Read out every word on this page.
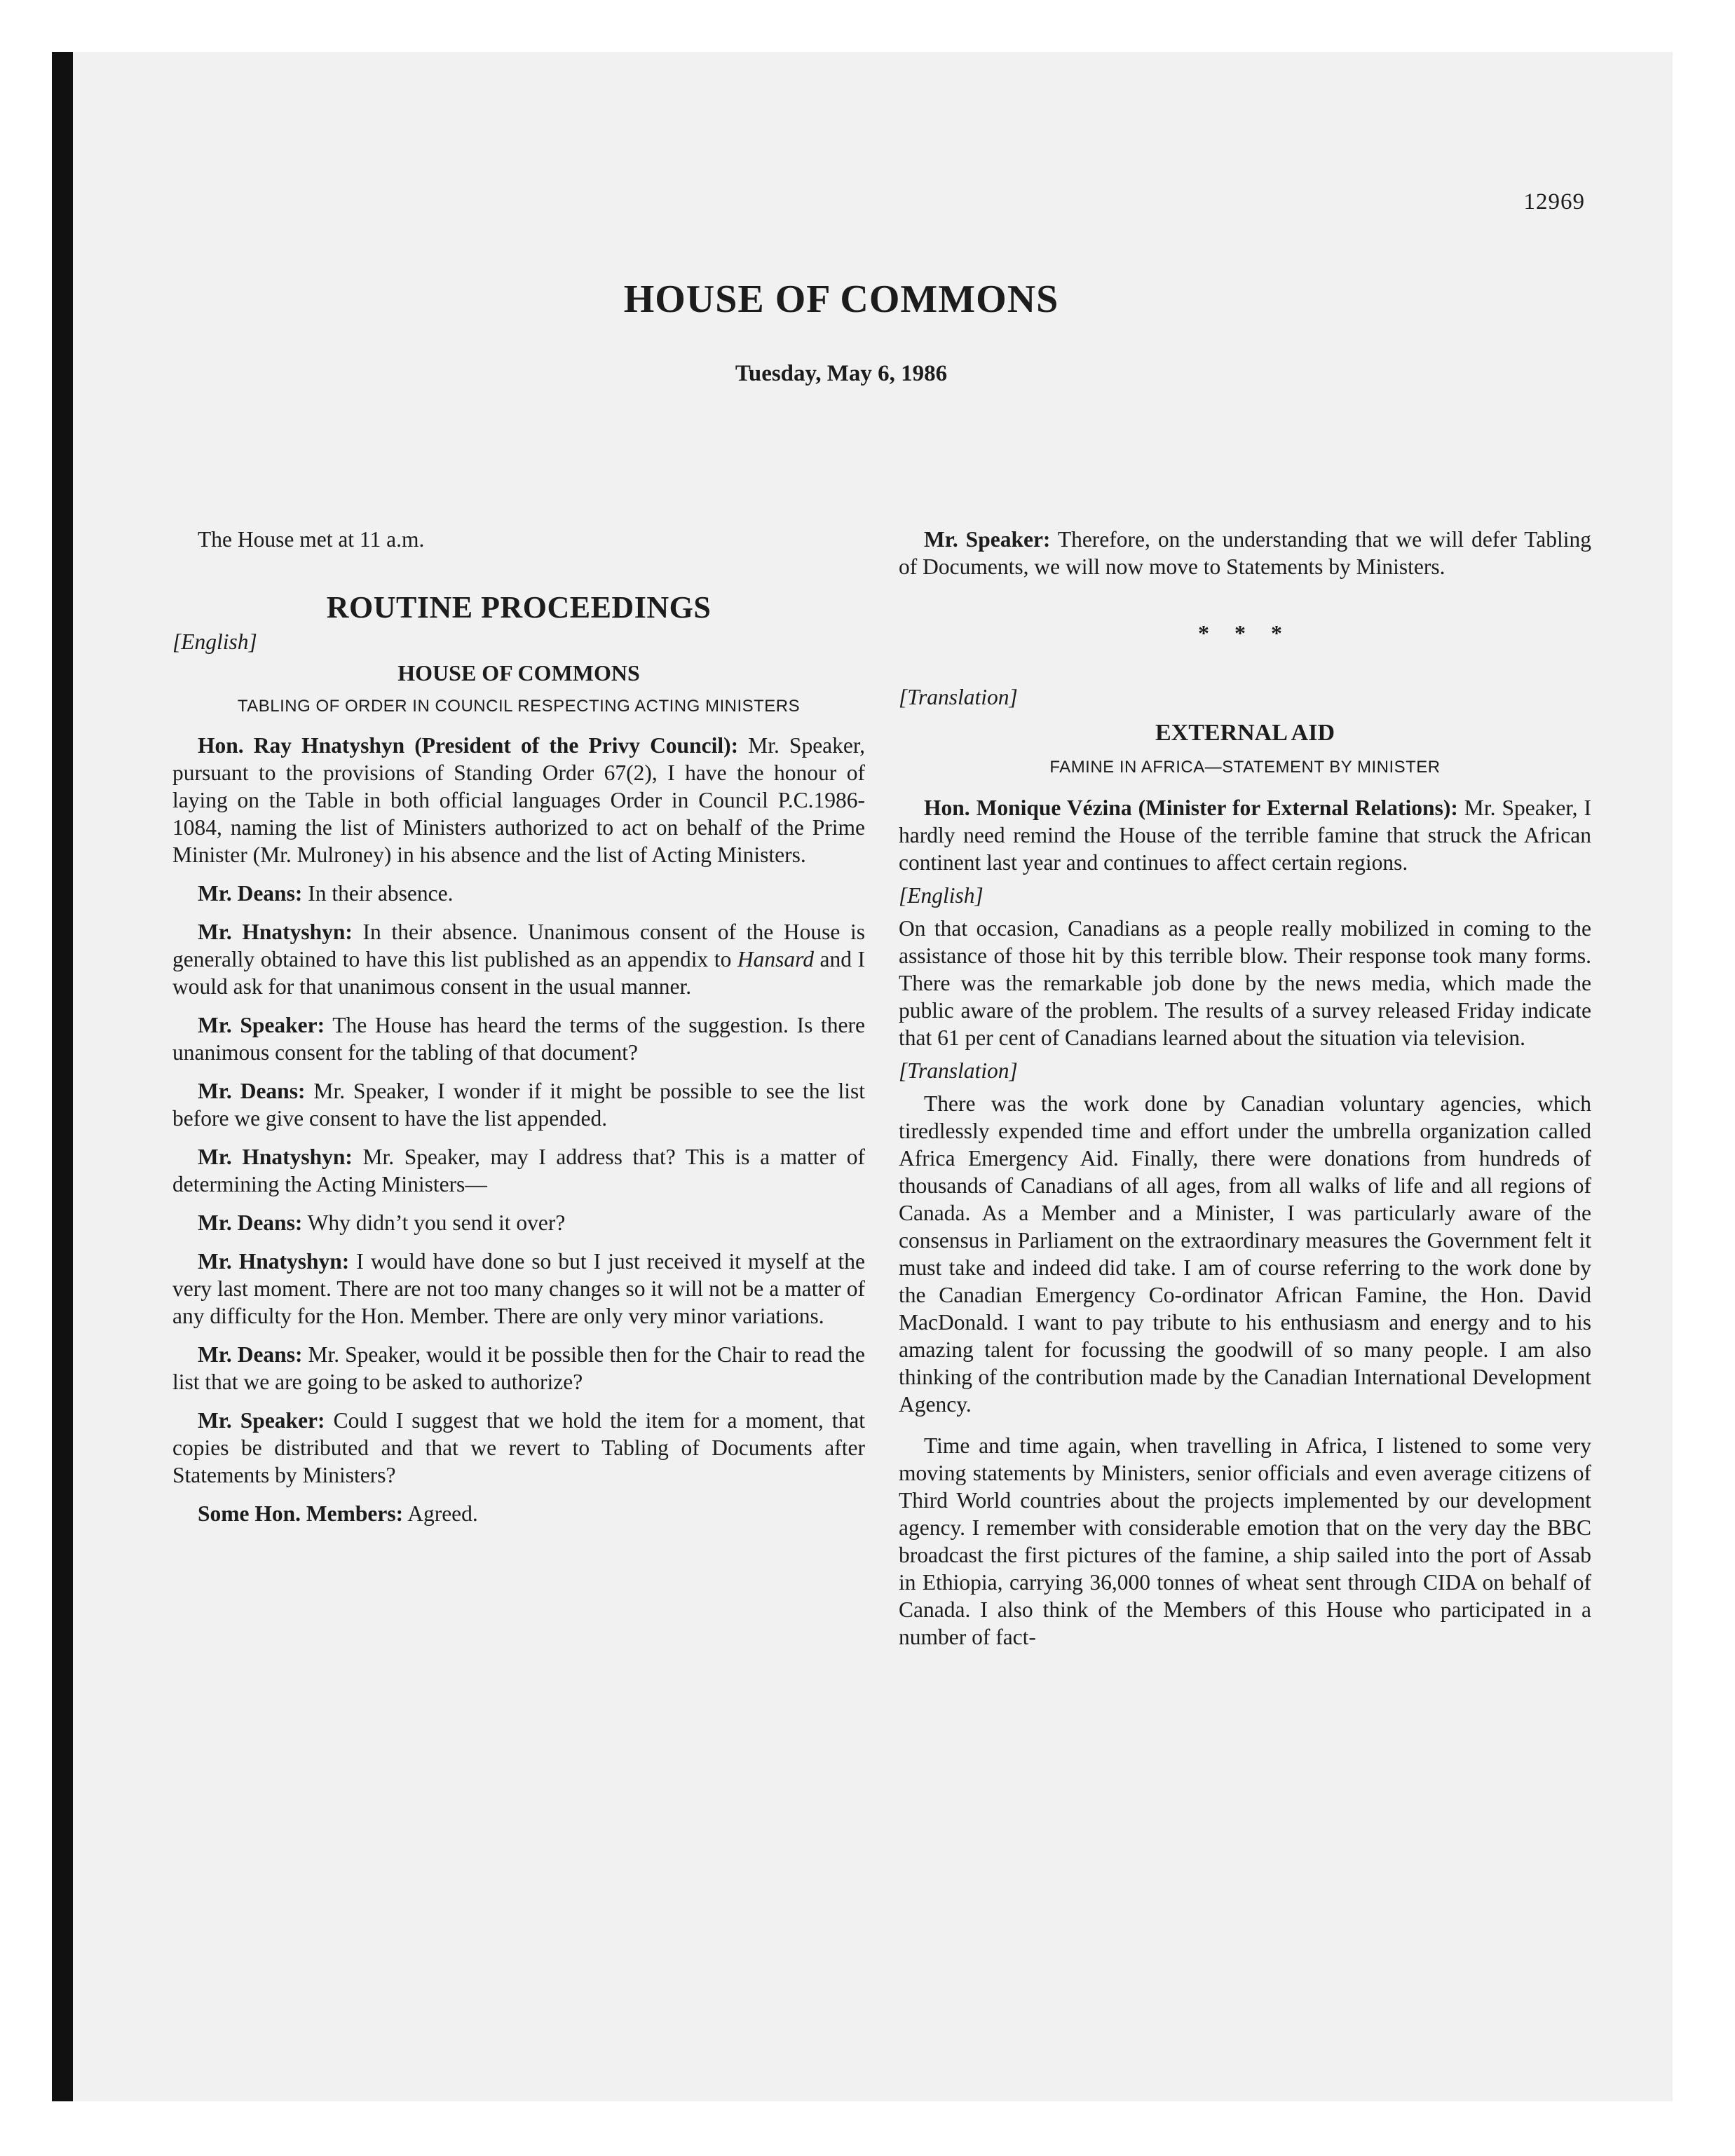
12969
HOUSE OF COMMONS
Tuesday, May 6, 1986

The House met at 11 a.m.

ROUTINE PROCEEDINGS

[English]

HOUSE OF COMMONS

TABLING OF ORDER IN COUNCIL RESPECTING ACTING MINISTERS

Hon. Ray Hnatyshyn (President of the Privy Council): Mr. Speaker, pursuant to the provisions of Standing Order 67(2), I have the honour of laying on the Table in both official languages Order in Council P.C.1986-1084, naming the list of Ministers authorized to act on behalf of the Prime Minister (Mr. Mulroney) in his absence and the list of Acting Ministers.

Mr. Deans: In their absence.

Mr. Hnatyshyn: In their absence. Unanimous consent of the House is generally obtained to have this list published as an appendix to Hansard and I would ask for that unanimous consent in the usual manner.

Mr. Speaker: The House has heard the terms of the suggestion. Is there unanimous consent for the tabling of that document?

Mr. Deans: Mr. Speaker, I wonder if it might be possible to see the list before we give consent to have the list appended.

Mr. Hnatyshyn: Mr. Speaker, may I address that? This is a matter of determining the Acting Ministers—

Mr. Deans: Why didn’t you send it over?

Mr. Hnatyshyn: I would have done so but I just received it myself at the very last moment. There are not too many changes so it will not be a matter of any difficulty for the Hon. Member. There are only very minor variations.

Mr. Deans: Mr. Speaker, would it be possible then for the Chair to read the list that we are going to be asked to authorize?

Mr. Speaker: Could I suggest that we hold the item for a moment, that copies be distributed and that we revert to Tabling of Documents after Statements by Ministers?

Some Hon. Members: Agreed.

Mr. Speaker: Therefore, on the understanding that we will defer Tabling of Documents, we will now move to Statements by Ministers.

* * *

[Translation]

EXTERNAL AID

FAMINE IN AFRICA—STATEMENT BY MINISTER

Hon. Monique Vézina (Minister for External Relations): Mr. Speaker, I hardly need remind the House of the terrible famine that struck the African continent last year and continues to affect certain regions.

[English]

On that occasion, Canadians as a people really mobilized in coming to the assistance of those hit by this terrible blow. Their response took many forms. There was the remarkable job done by the news media, which made the public aware of the problem. The results of a survey released Friday indicate that 61 per cent of Canadians learned about the situation via television.

[Translation]

There was the work done by Canadian voluntary agencies, which tiredlessly expended time and effort under the umbrella organization called Africa Emergency Aid. Finally, there were donations from hundreds of thousands of Canadians of all ages, from all walks of life and all regions of Canada. As a Member and a Minister, I was particularly aware of the consensus in Parliament on the extraordinary measures the Government felt it must take and indeed did take. I am of course referring to the work done by the Canadian Emergency Co-ordinator African Famine, the Hon. David MacDonald. I want to pay tribute to his enthusiasm and energy and to his amazing talent for focussing the goodwill of so many people. I am also thinking of the contribution made by the Canadian International Development Agency.

Time and time again, when travelling in Africa, I listened to some very moving statements by Ministers, senior officials and even average citizens of Third World countries about the projects implemented by our development agency. I remember with considerable emotion that on the very day the BBC broadcast the first pictures of the famine, a ship sailed into the port of Assab in Ethiopia, carrying 36,000 tonnes of wheat sent through CIDA on behalf of Canada. I also think of the Members of this House who participated in a number of fact-
